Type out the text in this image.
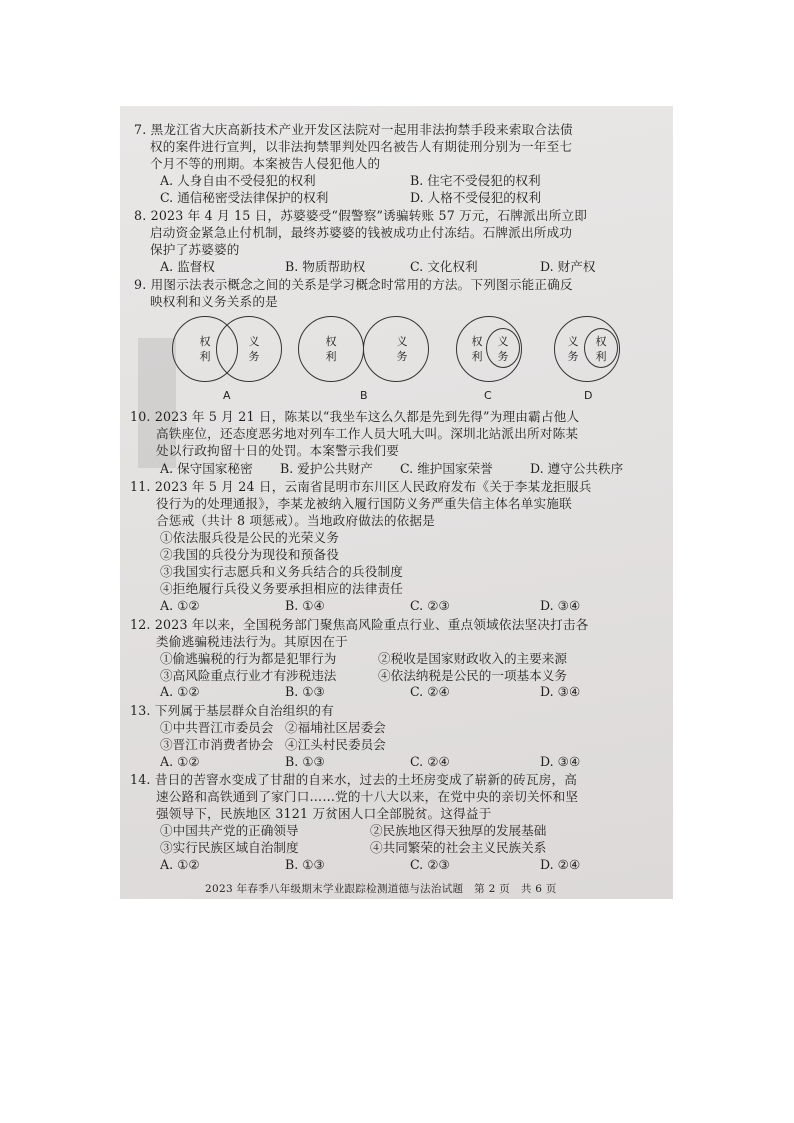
7. 黑龙江省大庆高新技术产业开发区法院对一起用非法拘禁手段来索取合法债
权的案件进行宣判，以非法拘禁罪判处四名被告人有期徒刑分别为一年至七
个月不等的刑期。本案被告人侵犯他人的
A. 人身自由不受侵犯的权利	B. 住宅不受侵犯的权利
C. 通信秘密受法律保护的权利	D. 人格不受侵犯的权利
8. 2023 年 4 月 15 日，苏婆婆受“假警察”诱骗转账 57 万元，石牌派出所立即
启动资金紧急止付机制，最终苏婆婆的钱被成功止付冻结。石牌派出所成功
保护了苏婆婆的
A. 监督权	B. 物质帮助权	C. 文化权利	D. 财产权
9. 用图示法表示概念之间的关系是学习概念时常用的方法。下列图示能正确反
映权利和义务关系的是
权
利
义
务
A
权
利
义
务
B
权
利
义
务
C
义
务
权
利
D
10. 2023 年 5 月 21 日，陈某以“我坐车这么久都是先到先得”为理由霸占他人
高铁座位，还态度恶劣地对列车工作人员大吼大叫。深圳北站派出所对陈某
处以行政拘留十日的处罚。本案警示我们要
A. 保守国家秘密 B. 爱护公共财产 C. 维护国家荣誉	D. 遵守公共秩序
11. 2023 年 5 月 24 日，云南省昆明市东川区人民政府发布《关于李某龙拒服兵
役行为的处理通报》，李某龙被纳入履行国防义务严重失信主体名单实施联
合惩戒（共计 8 项惩戒）。当地政府做法的依据是
①依法服兵役是公民的光荣义务
②我国的兵役分为现役和预备役
③我国实行志愿兵和义务兵结合的兵役制度
④拒绝履行兵役义务要承担相应的法律责任
A. ①②	B. ①④	C. ②③	D. ③④
12. 2023 年以来，全国税务部门聚焦高风险重点行业、重点领域依法坚决打击各
类偷逃骗税违法行为。其原因在于
①偷逃骗税的行为都是犯罪行为	②税收是国家财政收入的主要来源
③高风险重点行业才有涉税违法	④依法纳税是公民的一项基本义务
A. ①②	B. ①③	C. ②④	D. ③④
13. 下列属于基层群众自治组织的有
①中共晋江市委员会 ②福埔社区居委会
③晋江市消费者协会 ④江头村民委员会
A. ①②	B. ①③	C. ②④	D. ③④
14. 昔日的苦窨水变成了甘甜的自来水，过去的土坯房变成了崭新的砖瓦房，高
速公路和高铁通到了家门口……党的十八大以来，在党中央的亲切关怀和坚
强领导下，民族地区 3121 万贫困人口全部脱贫。这得益于
①中国共产党的正确领导	②民族地区得天独厚的发展基础
③实行民族区域自治制度	④共同繁荣的社会主义民族关系
A. ①②	B. ①③	C. ②③	D. ②④
2023 年春季八年级期末学业跟踪检测道德与法治试题　第 2 页　共 6 页
